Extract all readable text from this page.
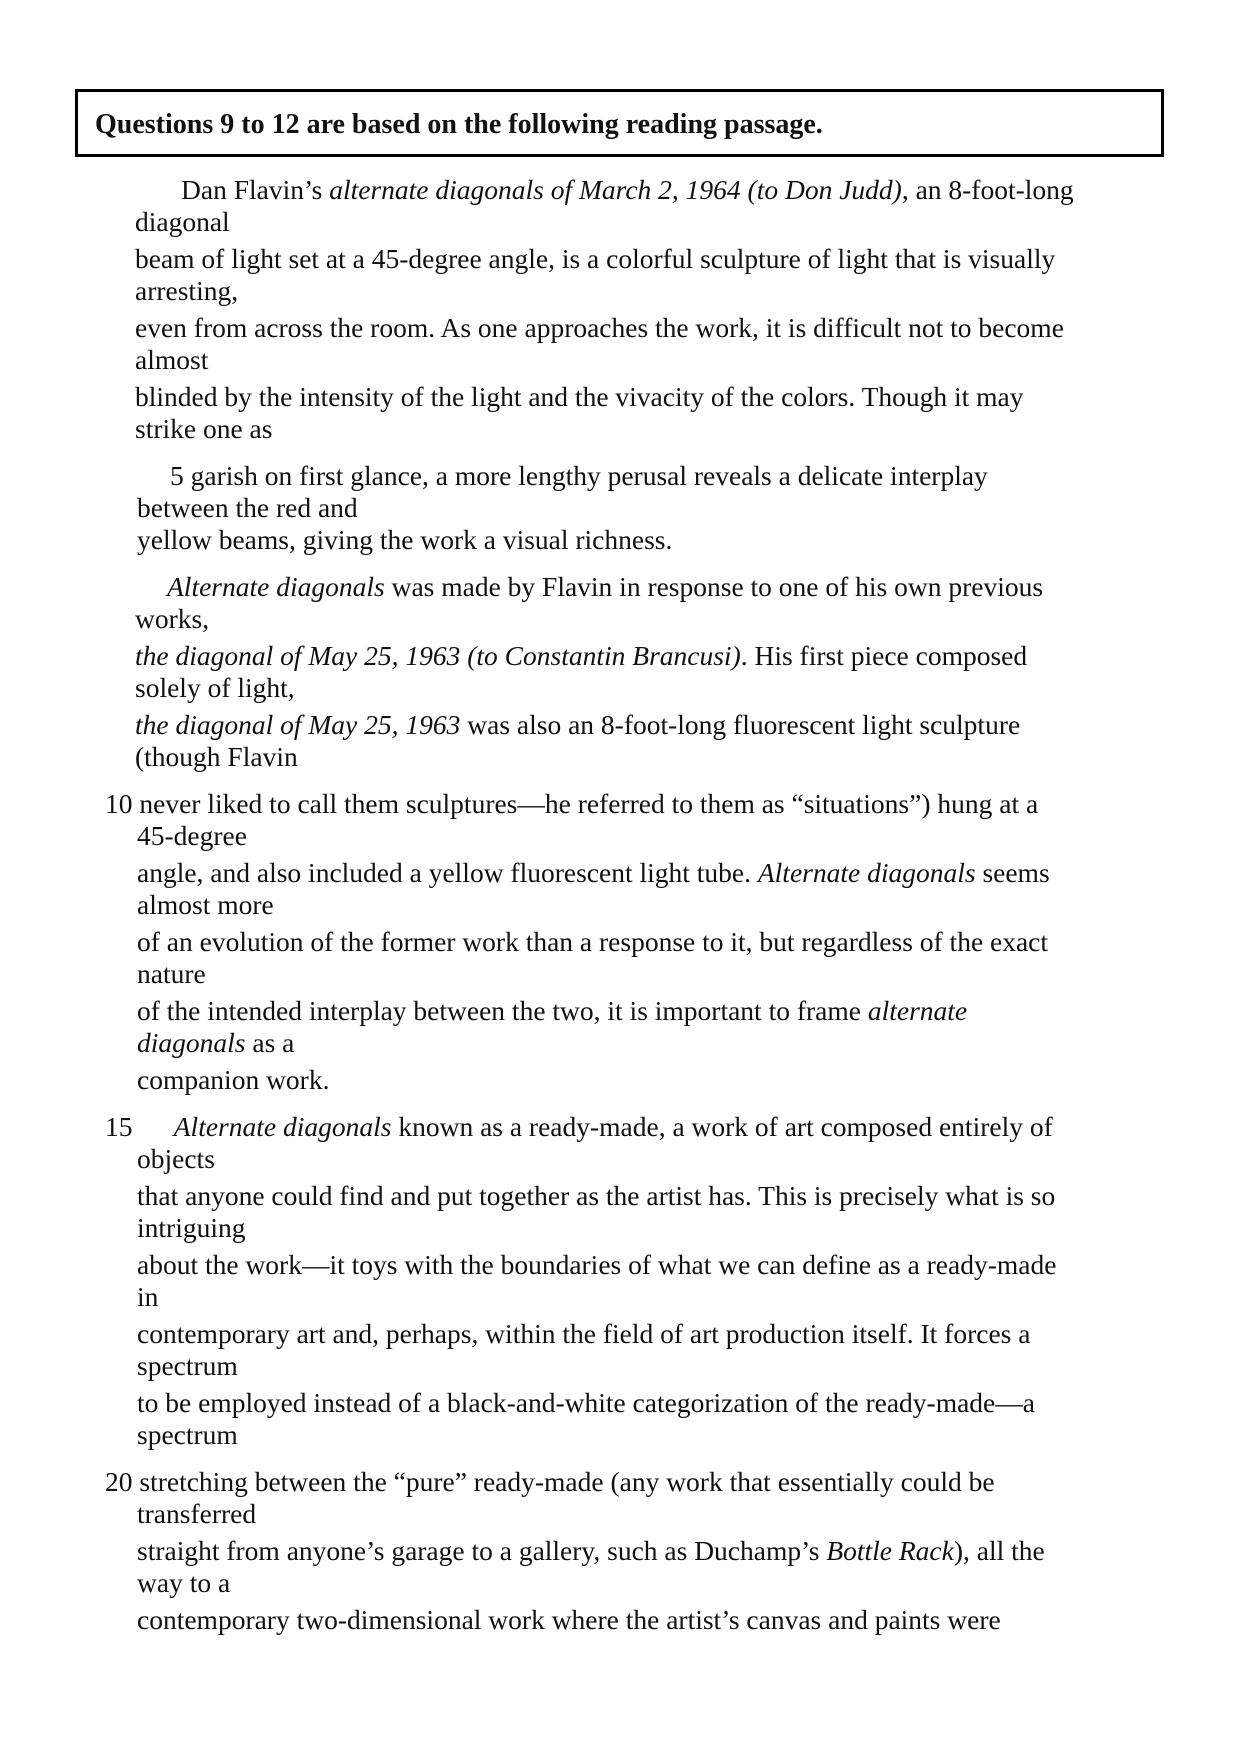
Questions 9 to 12 are based on the following reading passage.
Dan Flavin’s alternate diagonals of March 2, 1964 (to Don Judd), an 8-foot-long
diagonal
beam of light set at a 45-degree angle, is a colorful sculpture of light that is visually
arresting,
even from across the room. As one approaches the work, it is difficult not to become
almost
blinded by the intensity of the light and the vivacity of the colors. Though it may
strike one as
5 garish on first glance, a more lengthy perusal reveals a delicate interplay
between the red and
yellow beams, giving the work a visual richness.
Alternate diagonals was made by Flavin in response to one of his own previous
works,
the diagonal of May 25, 1963 (to Constantin Brancusi). His first piece composed
solely of light,
the diagonal of May 25, 1963 was also an 8-foot-long fluorescent light sculpture
(though Flavin
10 never liked to call them sculptures—he referred to them as “situations”) hung at a
45-degree
angle, and also included a yellow fluorescent light tube. Alternate diagonals seems
almost more
of an evolution of the former work than a response to it, but regardless of the exact
nature
of the intended interplay between the two, it is important to frame alternate
diagonals as a
companion work.
15      Alternate diagonals known as a ready-made, a work of art composed entirely of
objects
that anyone could find and put together as the artist has. This is precisely what is so
intriguing
about the work—it toys with the boundaries of what we can define as a ready-made
in
contemporary art and, perhaps, within the field of art production itself. It forces a
spectrum
to be employed instead of a black-and-white categorization of the ready-made—a
spectrum
20 stretching between the “pure” ready-made (any work that essentially could be
transferred
straight from anyone’s garage to a gallery, such as Duchamp’s Bottle Rack), all the
way to a
contemporary two-dimensional work where the artist’s canvas and paints were
